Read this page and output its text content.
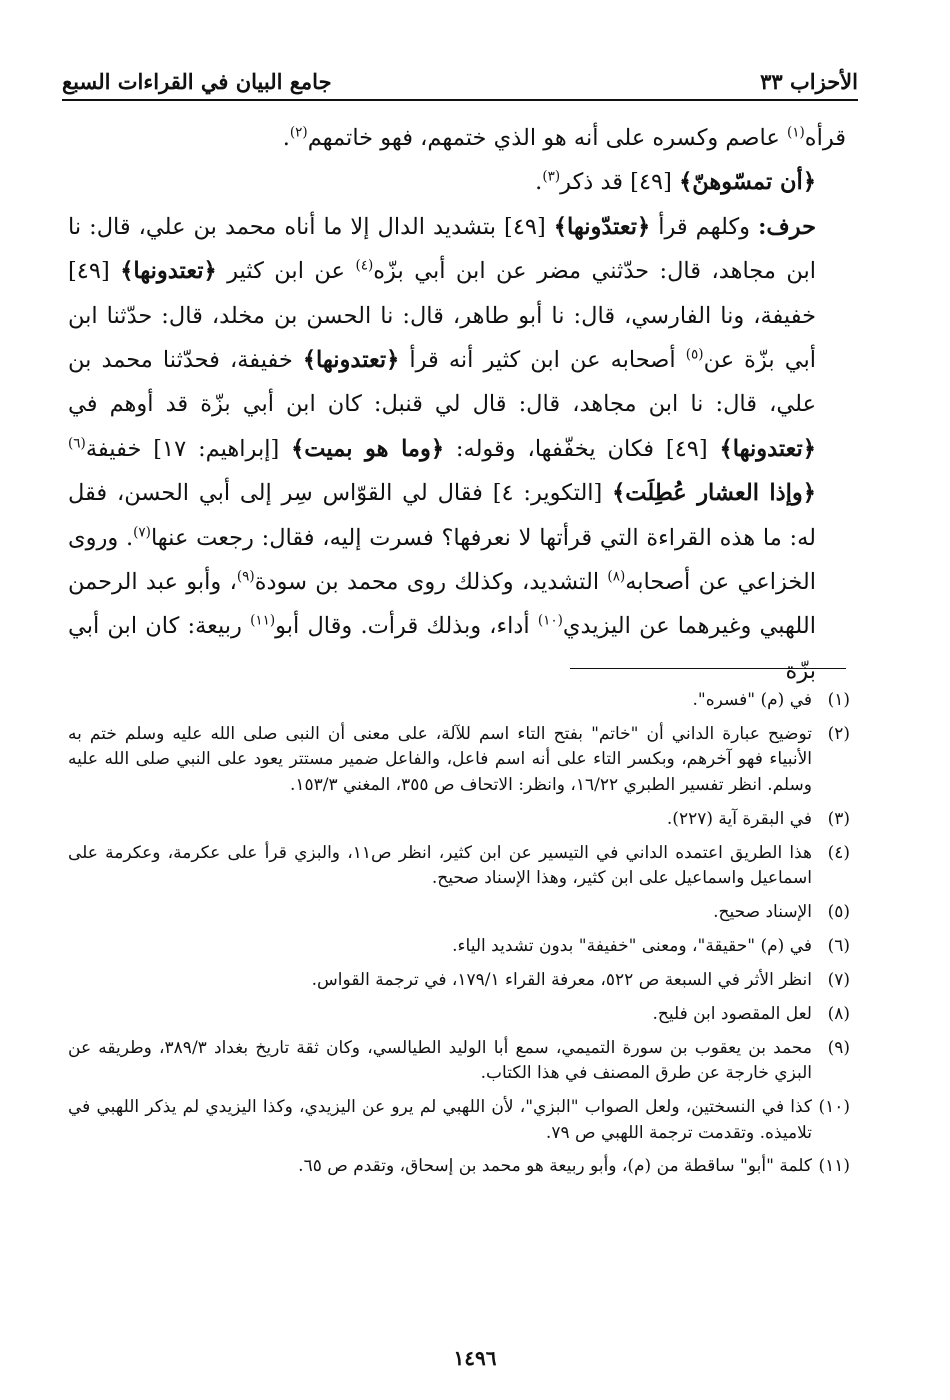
جامع البيان في القراءات السبع	الأحزاب ٣٣

قرأه$^{(١)}$ عاصم وكسره على أنه هو الذي ختمهم، فهو خاتمهم$^{(٢)}$.

﴿أن تمسّوهنّ﴾ [٤٩] قد ذكر$^{(٣)}$.

حرف: وكلهم قرأ ﴿تعتدّونها﴾ [٤٩] بتشديد الدال إلا ما أناه محمد بن علي، قال: نا ابن مجاهد، قال: حدّثني مضر عن ابن أبي بزّه$^{(٤)}$ عن ابن كثير ﴿تعتدونها﴾ [٤٩] خفيفة، ونا الفارسي، قال: نا أبو طاهر، قال: نا الحسن بن مخلد، قال: حدّثنا ابن أبي بزّة عن$^{(٥)}$ أصحابه عن ابن كثير أنه قرأ ﴿تعتدونها﴾ خفيفة، فحدّثنا محمد بن علي، قال: نا ابن مجاهد، قال: قال لي قنبل: كان ابن أبي بزّة قد أوهم في ﴿تعتدونها﴾ [٤٩] فكان يخفّفها، وقوله: ﴿وما هو بميت﴾ [إبراهيم: ١٧] خفيفة$^{(٦)}$ ﴿وإذا العشار عُطِلَت﴾ [التكوير: ٤] فقال لي القوّاس سِر إلى أبي الحسن، فقل له: ما هذه القراءة التي قرأتها لا نعرفها؟ فسرت إليه، فقال: رجعت عنها$^{(٧)}$. وروى الخزاعي عن أصحابه$^{(٨)}$ التشديد، وكذلك روى محمد بن سودة$^{(٩)}$، وأبو عبد الرحمن اللهبي وغيرهما عن اليزيدي$^{(١٠)}$ أداء، وبذلك قرأت. وقال أبو$^{(١١)}$ ربيعة: كان ابن أبي بزّة

(١)
في (م) "فسره".
(٢)
توضيح عبارة الداني أن "خاتم" بفتح التاء اسم للآلة، على معنى أن النبى صلى الله عليه وسلم ختم به الأنبياء فهو آخرهم، وبكسر التاء على أنه اسم فاعل، والفاعل ضمير مستتر يعود على النبي صلى الله عليه وسلم. انظر تفسير الطبري ١٦/٢٢، وانظر: الاتحاف ص ٣٥٥، المغني ١٥٣/٣.
(٣)
في البقرة آية (٢٢٧).
(٤)
هذا الطريق اعتمده الداني في التيسير عن ابن كثير، انظر ص١١، والبزي قرأ على عكرمة، وعكرمة على اسماعيل واسماعيل على ابن كثير، وهذا الإسناد صحيح.
(٥)
الإسناد صحيح.
(٦)
في (م) "حقيقة"، ومعنى "خفيفة" بدون تشديد الياء.
(٧)
انظر الأثر في السبعة ص ٥٢٢، معرفة القراء ١٧٩/١، في ترجمة القواس.
(٨)
لعل المقصود ابن فليح.
(٩)
محمد بن يعقوب بن سورة التميمي، سمع أبا الوليد الطيالسي، وكان ثقة تاريخ بغداد ٣٨٩/٣، وطريقه عن البزي خارجة عن طرق المصنف في هذا الكتاب.
(١٠)
كذا في النسختين، ولعل الصواب "البزي"، لأن اللهبي لم يرو عن اليزيدي، وكذا اليزيدي لم يذكر اللهبي في تلاميذه. وتقدمت ترجمة اللهبي ص ٧٩.
(١١)
كلمة "أبو" ساقطة من (م)، وأبو ربيعة هو محمد بن إسحاق، وتقدم ص ٦٥.
١٤٩٦
